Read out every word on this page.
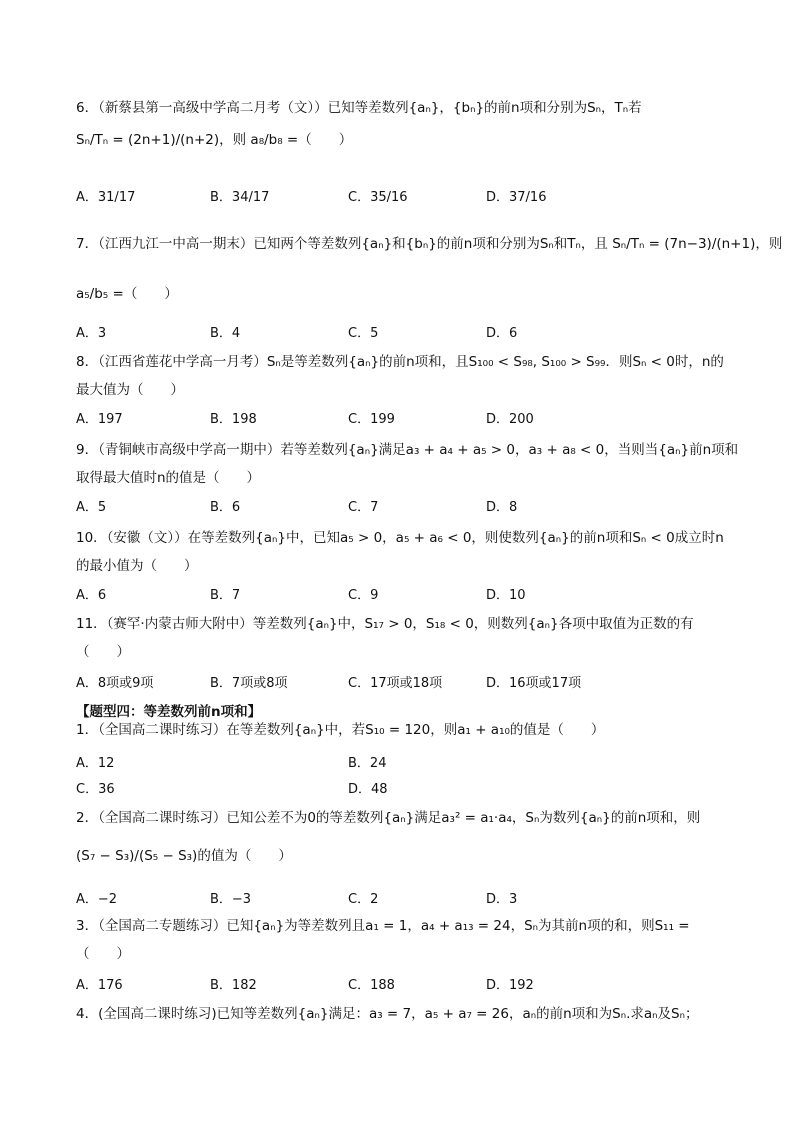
6．（新蔡县第一高级中学高二月考（文））已知等差数列{aₙ}，{bₙ}的前n项和分别为Sₙ，Tₙ若
Sₙ/Tₙ = (2n+1)/(n+2)，则 a₈/b₈ =（　　）
A．31/17	B．34/17	C．35/16	D．37/16
7．（江西九江一中高一期末）已知两个等差数列{aₙ}和{bₙ}的前n项和分别为Sₙ和Tₙ，且 Sₙ/Tₙ = (7n−3)/(n+1)，则
a₅/b₅ =（　　）
A．3	B．4	C．5	D．6
8．（江西省莲花中学高一月考）Sₙ是等差数列{aₙ}的前n项和，且S₁₀₀ < S₉₈, S₁₀₀ > S₉₉．则Sₙ < 0时，n的
最大值为（　　）
A．197	B．198	C．199	D．200
9．（青铜峡市高级中学高一期中）若等差数列{aₙ}满足a₃ + a₄ + a₅ > 0，a₃ + a₈ < 0，当则当{aₙ}前n项和
取得最大值时n的值是（　　）
A．5	B．6	C．7	D．8
10．（安徽（文））在等差数列{aₙ}中，已知a₅ > 0，a₅ + a₆ < 0，则使数列{aₙ}的前n项和Sₙ < 0成立时n
的最小值为（　　）
A．6	B．7	C．9	D．10
11．（赛罕·内蒙古师大附中）等差数列{aₙ}中，S₁₇ > 0，S₁₈ < 0，则数列{aₙ}各项中取值为正数的有
（　　）
A．8项或9项	B．7项或8项	C．17项或18项	D．16项或17项
【题型四：等差数列前n项和】
1．（全国高二课时练习）在等差数列{aₙ}中，若S₁₀ = 120，则a₁ + a₁₀的值是（　　）
A．12	B．24
C．36	D．48
2．（全国高二课时练习）已知公差不为0的等差数列{aₙ}满足a₃² = a₁·a₄，Sₙ为数列{aₙ}的前n项和，则
(S₇ − S₃)/(S₅ − S₃)的值为（　　）
A．−2	B．−3	C．2	D．3
3．（全国高二专题练习）已知{aₙ}为等差数列且a₁ = 1，a₄ + a₁₃ = 24，Sₙ为其前n项的和，则S₁₁ =
（　　）
A．176	B．182	C．188	D．192
4．(全国高二课时练习)已知等差数列{aₙ}满足：a₃ = 7，a₅ + a₇ = 26，aₙ的前n项和为Sₙ.求aₙ及Sₙ；
